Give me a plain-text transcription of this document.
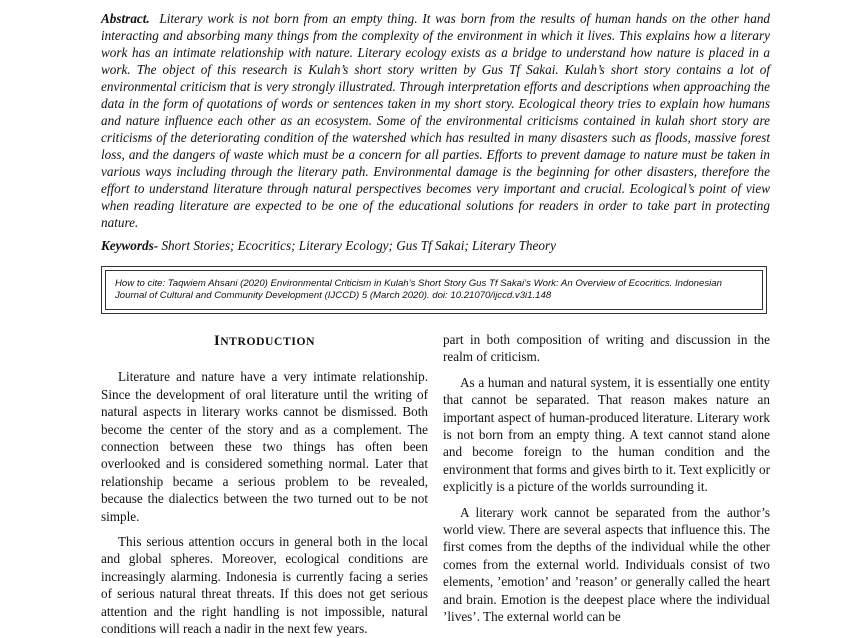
Abstract. Literary work is not born from an empty thing. It was born from the results of human hands on the other hand interacting and absorbing many things from the complexity of the environment in which it lives. This explains how a literary work has an intimate relationship with nature. Literary ecology exists as a bridge to understand how nature is placed in a work. The object of this research is Kulah’s short story written by Gus Tf Sakai. Kulah’s short story contains a lot of environmental criticism that is very strongly illustrated. Through interpretation efforts and descriptions when approaching the data in the form of quotations of words or sentences taken in my short story. Ecological theory tries to explain how humans and nature influence each other as an ecosystem. Some of the environmental criticisms contained in kulah short story are criticisms of the deteriorating condition of the watershed which has resulted in many disasters such as floods, massive forest loss, and the dangers of waste which must be a concern for all parties. Efforts to prevent damage to nature must be taken in various ways including through the literary path. Environmental damage is the beginning for other disasters, therefore the effort to understand literature through natural perspectives becomes very important and crucial. Ecological’s point of view when reading literature are expected to be one of the educational solutions for readers in order to take part in protecting nature.
Keywords- Short Stories; Ecocritics; Literary Ecology; Gus Tf Sakai; Literary Theory
How to cite: Taqwiem Ahsani (2020) Environmental Criticism in Kulah’s Short Story Gus Tf Sakai’s Work: An Overview of Ecocritics. Indonesian Journal of Cultural and Community Development (IJCCD) 5 (March 2020). doi: 10.21070/ijccd.v3i1.148
INTRODUCTION

Literature and nature have a very intimate relationship. Since the development of oral literature until the writing of natural aspects in literary works cannot be dismissed. Both become the center of the story and as a complement. The connection between these two things has often been overlooked and is considered something normal. Later that relationship became a serious problem to be revealed, because the dialectics between the two turned out to be not simple.

This serious attention occurs in general both in the local and global spheres. Moreover, ecological conditions are increasingly alarming. Indonesia is currently facing a series of serious natural threat threats. If this does not get serious attention and the right handling is not impossible, natural conditions will reach a nadir in the next few years.

part in both composition of writing and discussion in the realm of criticism.

As a human and natural system, it is essentially one entity that cannot be separated. That reason makes nature an important aspect of human-produced literature. Literary work is not born from an empty thing. A text cannot stand alone and become foreign to the human condition and the environment that forms and gives birth to it. Text explicitly or explicitly is a picture of the worlds surrounding it.

A literary work cannot be separated from the author’s world view. There are several aspects that influence this. The first comes from the depths of the individual while the other comes from the external world. Individuals consist of two elements, ’emotion’ and ’reason’ or generally called the heart and brain. Emotion is the deepest place where the individual ’lives’. The external world can be
